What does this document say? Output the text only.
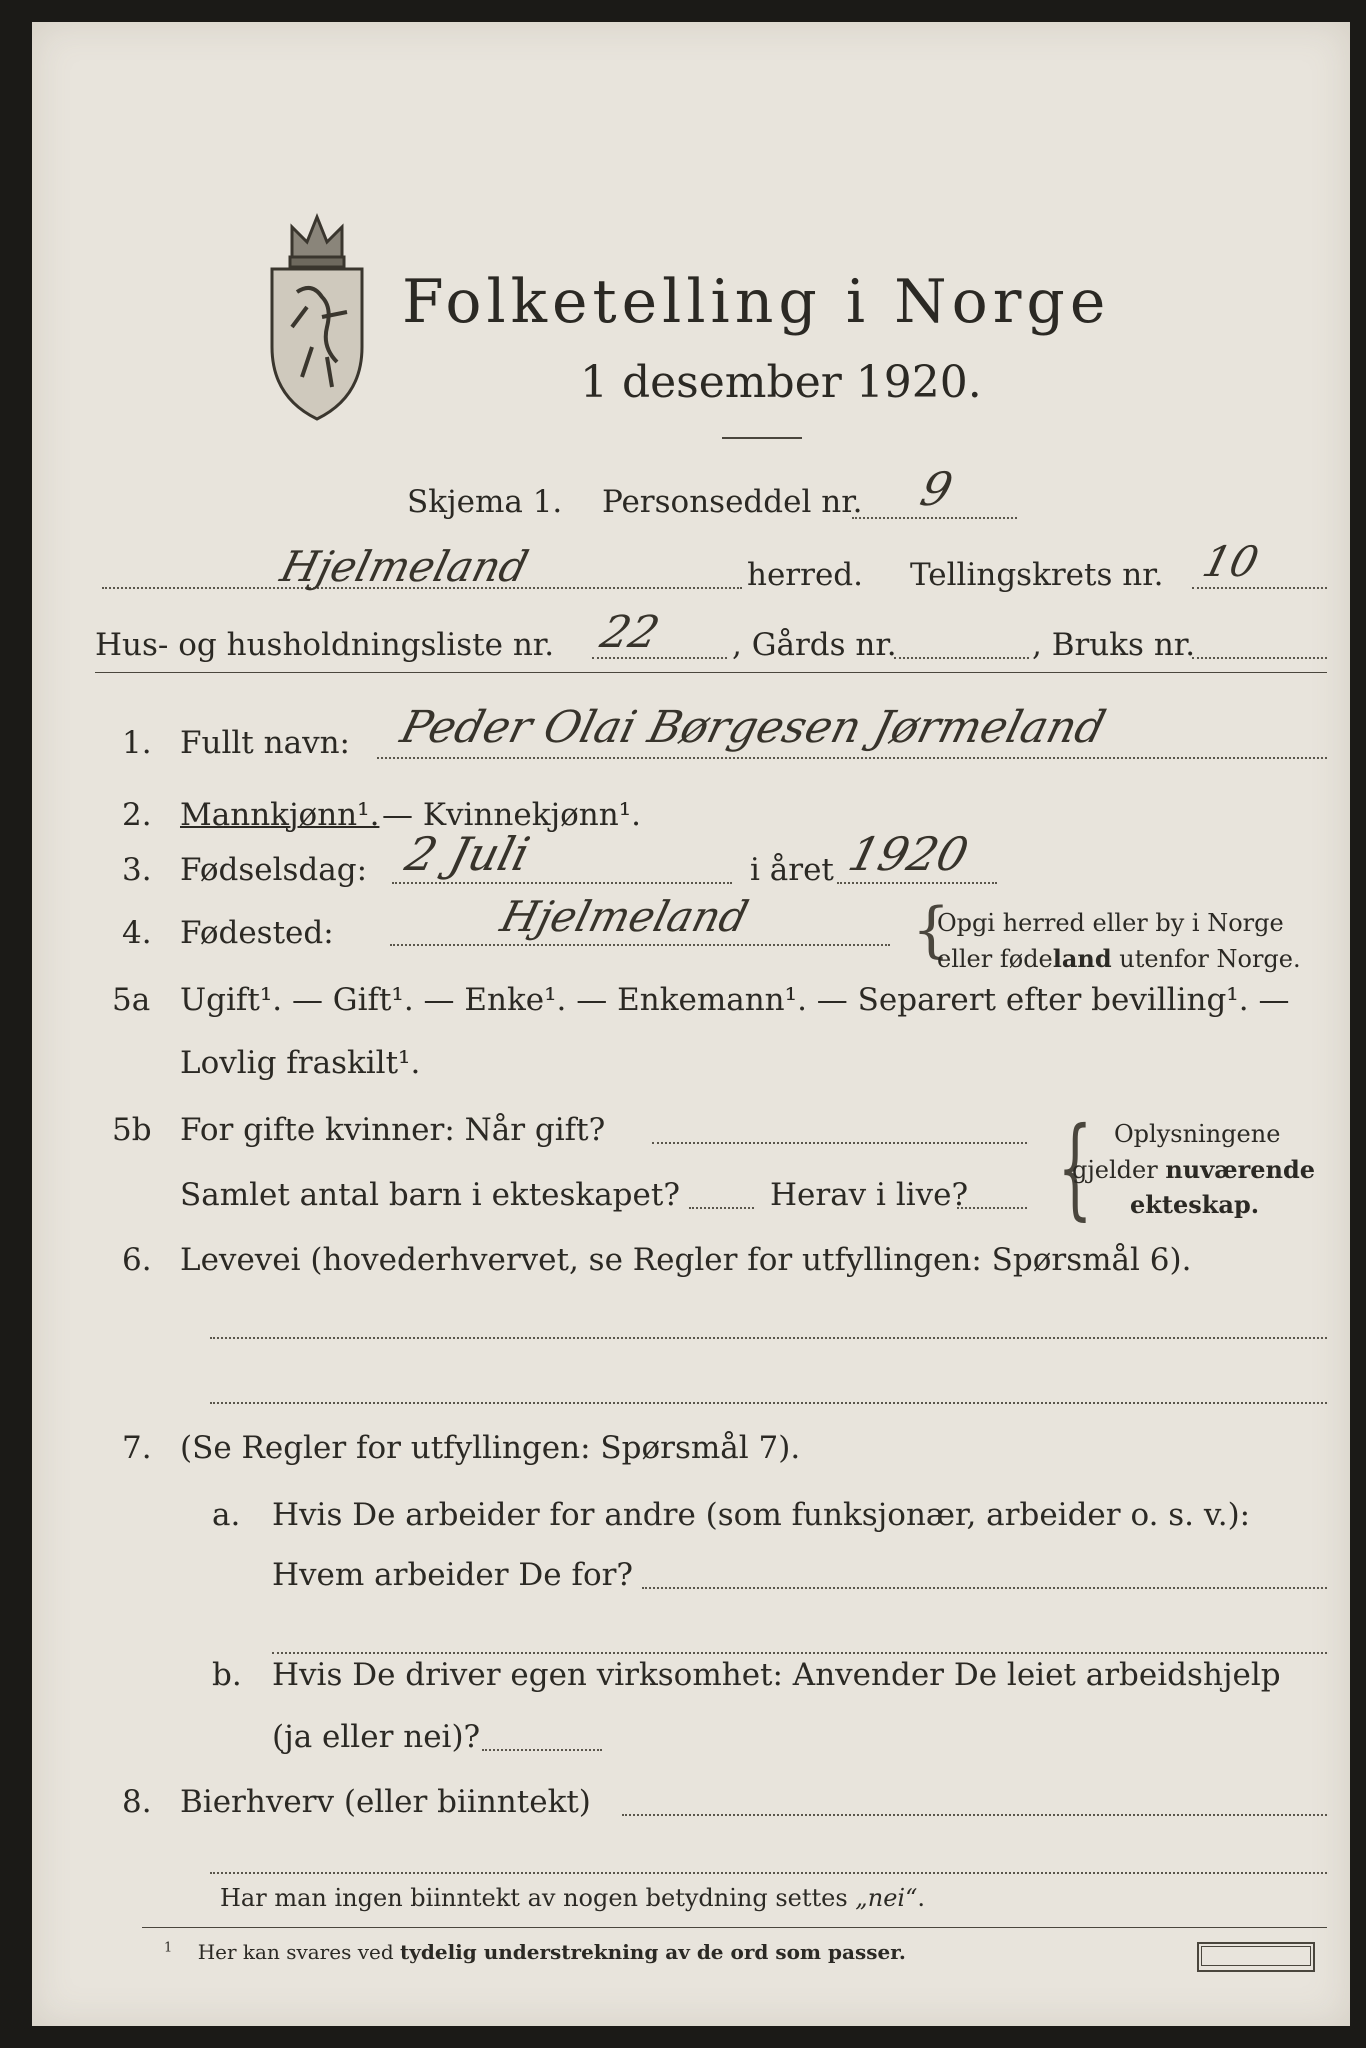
Folketelling i Norge
1 desember 1920.
Skjema 1. Personseddel nr. 9
Hjelmeland	herred. Tellingskrets nr. 10
Hus- og husholdningsliste nr. 22 , Gårds nr.	, Bruks nr.
1. Fullt navn: Peder Olai Børgesen Jørmeland
2. Mannkjønn¹. — Kvinnekjønn¹.
3. Fødselsdag: 2 Juli	i året 1920
4. Fødested:	Hjelmeland	{
Opgi herred eller by i Norge
eller fødeland utenfor Norge.
5a Ugift¹. — Gift¹. — Enke¹. — Enkemann¹. — Separert efter bevilling¹. —
Lovlig fraskilt¹.
5b For gifte kvinner: Når gift?
Samlet antal barn i ekteskapet?	Herav i live? { Oplysningene
gjelder nuværende
ekteskap.
6. Levevei (hovederhvervet, se Regler for utfyllingen: Spørsmål 6).
7. (Se Regler for utfyllingen: Spørsmål 7).
a. Hvis De arbeider for andre (som funksjonær, arbeider o. s. v.):
Hvem arbeider De for?
b. Hvis De driver egen virksomhet: Anvender De leiet arbeidshjelp
(ja eller nei)?
8. Bierhverv (eller biinntekt)
Har man ingen biinntekt av nogen betydning settes „nei“.
$^1$ Her kan svares ved tydelig understrekning av de ord som passer.
